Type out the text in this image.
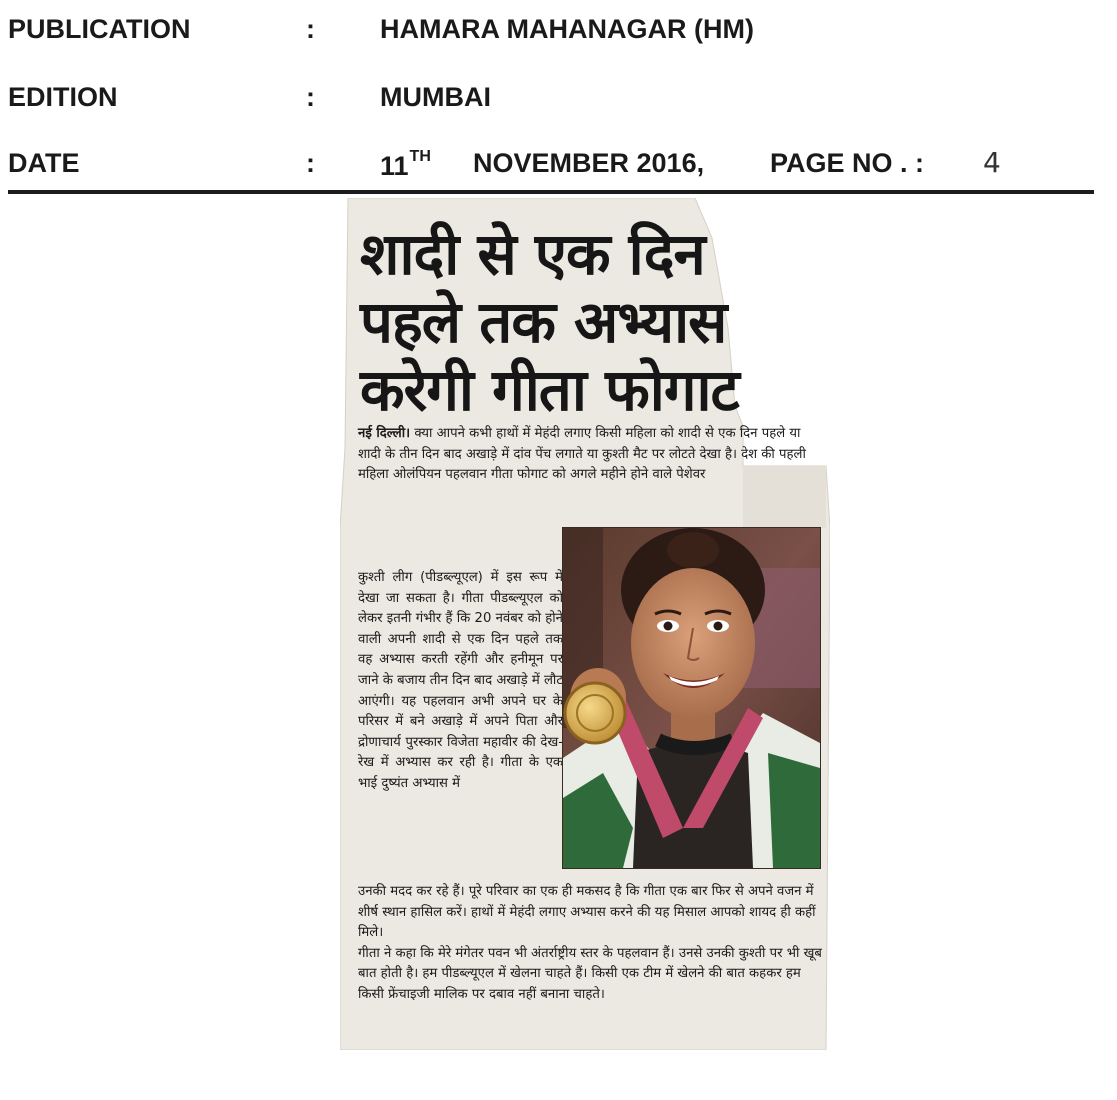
PUBLICATION	: HAMARA MAHANAGAR (HM)
EDITION	: MUMBAI
DATE	: 11TH NOVEMBER 2016, PAGE NO . : 4
शादी से एक दिन
पहले तक अभ्यास
करेगी गीता फोगाट
नई दिल्ली। क्या आपने कभी हाथों में मेहंदी लगाए किसी महिला को शादी से एक दिन पहले या शादी के तीन दिन बाद अखाड़े में दांव पेंच लगाते या कुश्ती मैट पर लोटते देखा है। देश की पहली महिला ओलंपियन पहलवान गीता फोगाट को अगले महीने होने वाले पेशेवर
कुश्ती लीग (पीडब्ल्यूएल) में इस रूप में देखा जा सकता है। गीता पीडब्ल्यूएल को लेकर इतनी गंभीर हैं कि 20 नवंबर को होने वाली अपनी शादी से एक दिन पहले तक वह अभ्यास करती रहेंगी और हनीमून पर जाने के बजाय तीन दिन बाद अखाड़े में लौट आएंगी। यह पहलवान अभी अपने घर के परिसर में बने अखाड़े में अपने पिता और द्रोणाचार्य पुरस्कार विजेता महावीर की देख-रेख में अभ्यास कर रही है। गीता के एक भाई दुष्यंत अभ्यास में
उनकी मदद कर रहे हैं। पूरे परिवार का एक ही मकसद है कि गीता एक बार फिर से अपने वजन में शीर्ष स्थान हासिल करें। हाथों में मेहंदी लगाए अभ्यास करने की यह मिसाल आपको शायद ही कहीं मिले।
गीता ने कहा कि मेरे मंगेतर पवन भी अंतर्राष्ट्रीय स्तर के पहलवान हैं। उनसे उनकी कुश्ती पर भी खूब बात होती है। हम पीडब्ल्यूएल में खेलना चाहते हैं। किसी एक टीम में खेलने की बात कहकर हम किसी फ्रेंचाइजी मालिक पर दबाव नहीं बनाना चाहते।
